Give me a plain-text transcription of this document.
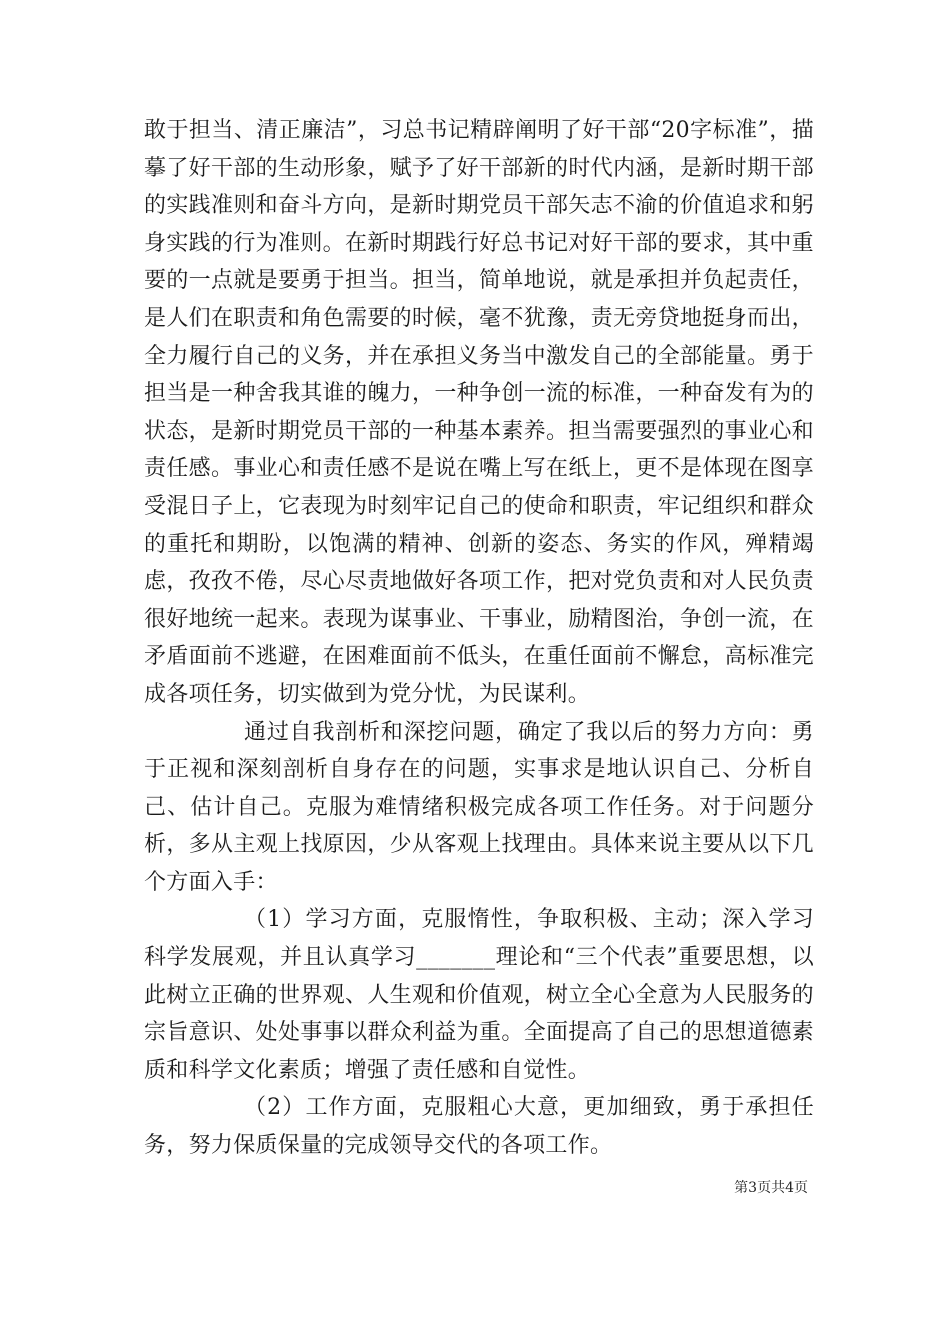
敢于担当、清正廉洁”，习总书记精辟阐明了好干部“20字标准”，描摹了好干部的生动形象，赋予了好干部新的时代内涵，是新时期干部的实践准则和奋斗方向，是新时期党员干部矢志不渝的价值追求和躬身实践的行为准则。在新时期践行好总书记对好干部的要求，其中重要的一点就是要勇于担当。担当，简单地说，就是承担并负起责任，是人们在职责和角色需要的时候，毫不犹豫，责无旁贷地挺身而出，全力履行自己的义务，并在承担义务当中激发自己的全部能量。勇于担当是一种舍我其谁的魄力，一种争创一流的标准，一种奋发有为的状态，是新时期党员干部的一种基本素养。担当需要强烈的事业心和责任感。事业心和责任感不是说在嘴上写在纸上，更不是体现在图享受混日子上，它表现为时刻牢记自己的使命和职责，牢记组织和群众的重托和期盼，以饱满的精神、创新的姿态、务实的作风，殚精竭虑，孜孜不倦，尽心尽责地做好各项工作，把对党负责和对人民负责很好地统一起来。表现为谋事业、干事业，励精图治，争创一流，在矛盾面前不逃避，在困难面前不低头，在重任面前不懈怠，高标准完成各项任务，切实做到为党分忧，为民谋利。

通过自我剖析和深挖问题，确定了我以后的努力方向：勇于正视和深刻剖析自身存在的问题，实事求是地认识自己、分析自己、估计自己。克服为难情绪积极完成各项工作任务。对于问题分析，多从主观上找原因，少从客观上找理由。具体来说主要从以下几个方面入手：

（1）学习方面，克服惰性，争取积极、主动；深入学习科学发展观，并且认真学习_______理论和“三个代表”重要思想，以此树立正确的世界观、人生观和价值观，树立全心全意为人民服务的宗旨意识、处处事事以群众利益为重。全面提高了自己的思想道德素质和科学文化素质；增强了责任感和自觉性。

（2）工作方面，克服粗心大意，更加细致，勇于承担任务，努力保质保量的完成领导交代的各项工作。

第3页共4页
